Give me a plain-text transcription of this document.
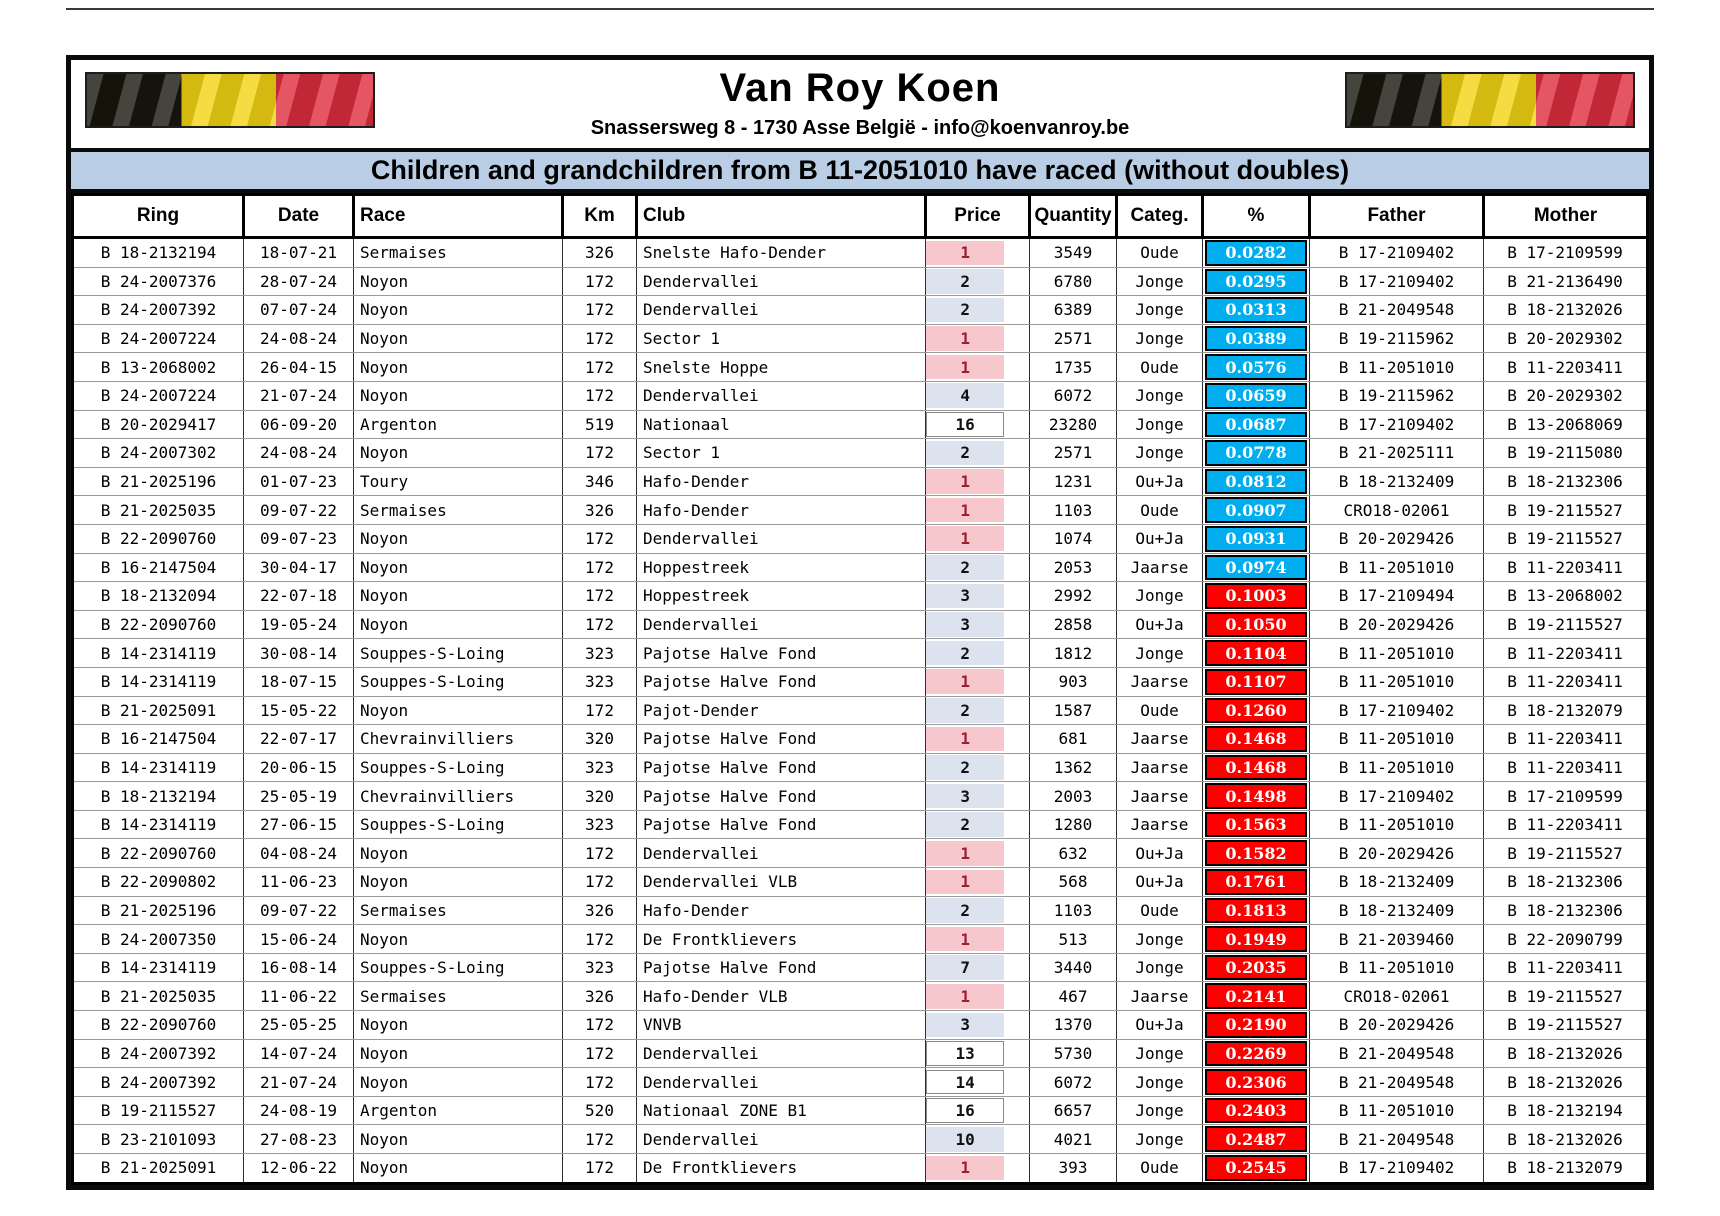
Van Roy Koen
Snassersweg 8 - 1730 Asse België - info@koenvanroy.be
Children and grandchildren from B 11-2051010 have raced (without doubles)
Ring	Date	Race	Km	Club	Price	Quantity	Categ.	%	Father	Mother
B 18-2132194	18-07-21	Sermaises	326	Snelste Hafo-Dender	1	3549	Oude	0.0282	B 17-2109402	B 17-2109599
B 24-2007376	28-07-24	Noyon	172	Dendervallei	2	6780	Jonge	0.0295	B 17-2109402	B 21-2136490
B 24-2007392	07-07-24	Noyon	172	Dendervallei	2	6389	Jonge	0.0313	B 21-2049548	B 18-2132026
B 24-2007224	24-08-24	Noyon	172	Sector 1	1	2571	Jonge	0.0389	B 19-2115962	B 20-2029302
B 13-2068002	26-04-15	Noyon	172	Snelste Hoppe	1	1735	Oude	0.0576	B 11-2051010	B 11-2203411
B 24-2007224	21-07-24	Noyon	172	Dendervallei	4	6072	Jonge	0.0659	B 19-2115962	B 20-2029302
B 20-2029417	06-09-20	Argenton	519	Nationaal	16	23280	Jonge	0.0687	B 17-2109402	B 13-2068069
B 24-2007302	24-08-24	Noyon	172	Sector 1	2	2571	Jonge	0.0778	B 21-2025111	B 19-2115080
B 21-2025196	01-07-23	Toury	346	Hafo-Dender	1	1231	Ou+Ja	0.0812	B 18-2132409	B 18-2132306
B 21-2025035	09-07-22	Sermaises	326	Hafo-Dender	1	1103	Oude	0.0907	CRO18-02061	B 19-2115527
B 22-2090760	09-07-23	Noyon	172	Dendervallei	1	1074	Ou+Ja	0.0931	B 20-2029426	B 19-2115527
B 16-2147504	30-04-17	Noyon	172	Hoppestreek	2	2053	Jaarse	0.0974	B 11-2051010	B 11-2203411
B 18-2132094	22-07-18	Noyon	172	Hoppestreek	3	2992	Jonge	0.1003	B 17-2109494	B 13-2068002
B 22-2090760	19-05-24	Noyon	172	Dendervallei	3	2858	Ou+Ja	0.1050	B 20-2029426	B 19-2115527
B 14-2314119	30-08-14	Souppes-S-Loing	323	Pajotse Halve Fond	2	1812	Jonge	0.1104	B 11-2051010	B 11-2203411
B 14-2314119	18-07-15	Souppes-S-Loing	323	Pajotse Halve Fond	1	903	Jaarse	0.1107	B 11-2051010	B 11-2203411
B 21-2025091	15-05-22	Noyon	172	Pajot-Dender	2	1587	Oude	0.1260	B 17-2109402	B 18-2132079
B 16-2147504	22-07-17	Chevrainvilliers	320	Pajotse Halve Fond	1	681	Jaarse	0.1468	B 11-2051010	B 11-2203411
B 14-2314119	20-06-15	Souppes-S-Loing	323	Pajotse Halve Fond	2	1362	Jaarse	0.1468	B 11-2051010	B 11-2203411
B 18-2132194	25-05-19	Chevrainvilliers	320	Pajotse Halve Fond	3	2003	Jaarse	0.1498	B 17-2109402	B 17-2109599
B 14-2314119	27-06-15	Souppes-S-Loing	323	Pajotse Halve Fond	2	1280	Jaarse	0.1563	B 11-2051010	B 11-2203411
B 22-2090760	04-08-24	Noyon	172	Dendervallei	1	632	Ou+Ja	0.1582	B 20-2029426	B 19-2115527
B 22-2090802	11-06-23	Noyon	172	Dendervallei VLB	1	568	Ou+Ja	0.1761	B 18-2132409	B 18-2132306
B 21-2025196	09-07-22	Sermaises	326	Hafo-Dender	2	1103	Oude	0.1813	B 18-2132409	B 18-2132306
B 24-2007350	15-06-24	Noyon	172	De Frontklievers	1	513	Jonge	0.1949	B 21-2039460	B 22-2090799
B 14-2314119	16-08-14	Souppes-S-Loing	323	Pajotse Halve Fond	7	3440	Jonge	0.2035	B 11-2051010	B 11-2203411
B 21-2025035	11-06-22	Sermaises	326	Hafo-Dender VLB	1	467	Jaarse	0.2141	CRO18-02061	B 19-2115527
B 22-2090760	25-05-25	Noyon	172	VNVB	3	1370	Ou+Ja	0.2190	B 20-2029426	B 19-2115527
B 24-2007392	14-07-24	Noyon	172	Dendervallei	13	5730	Jonge	0.2269	B 21-2049548	B 18-2132026
B 24-2007392	21-07-24	Noyon	172	Dendervallei	14	6072	Jonge	0.2306	B 21-2049548	B 18-2132026
B 19-2115527	24-08-19	Argenton	520	Nationaal ZONE B1	16	6657	Jonge	0.2403	B 11-2051010	B 18-2132194
B 23-2101093	27-08-23	Noyon	172	Dendervallei	10	4021	Jonge	0.2487	B 21-2049548	B 18-2132026
B 21-2025091	12-06-22	Noyon	172	De Frontklievers	1	393	Oude	0.2545	B 17-2109402	B 18-2132079
